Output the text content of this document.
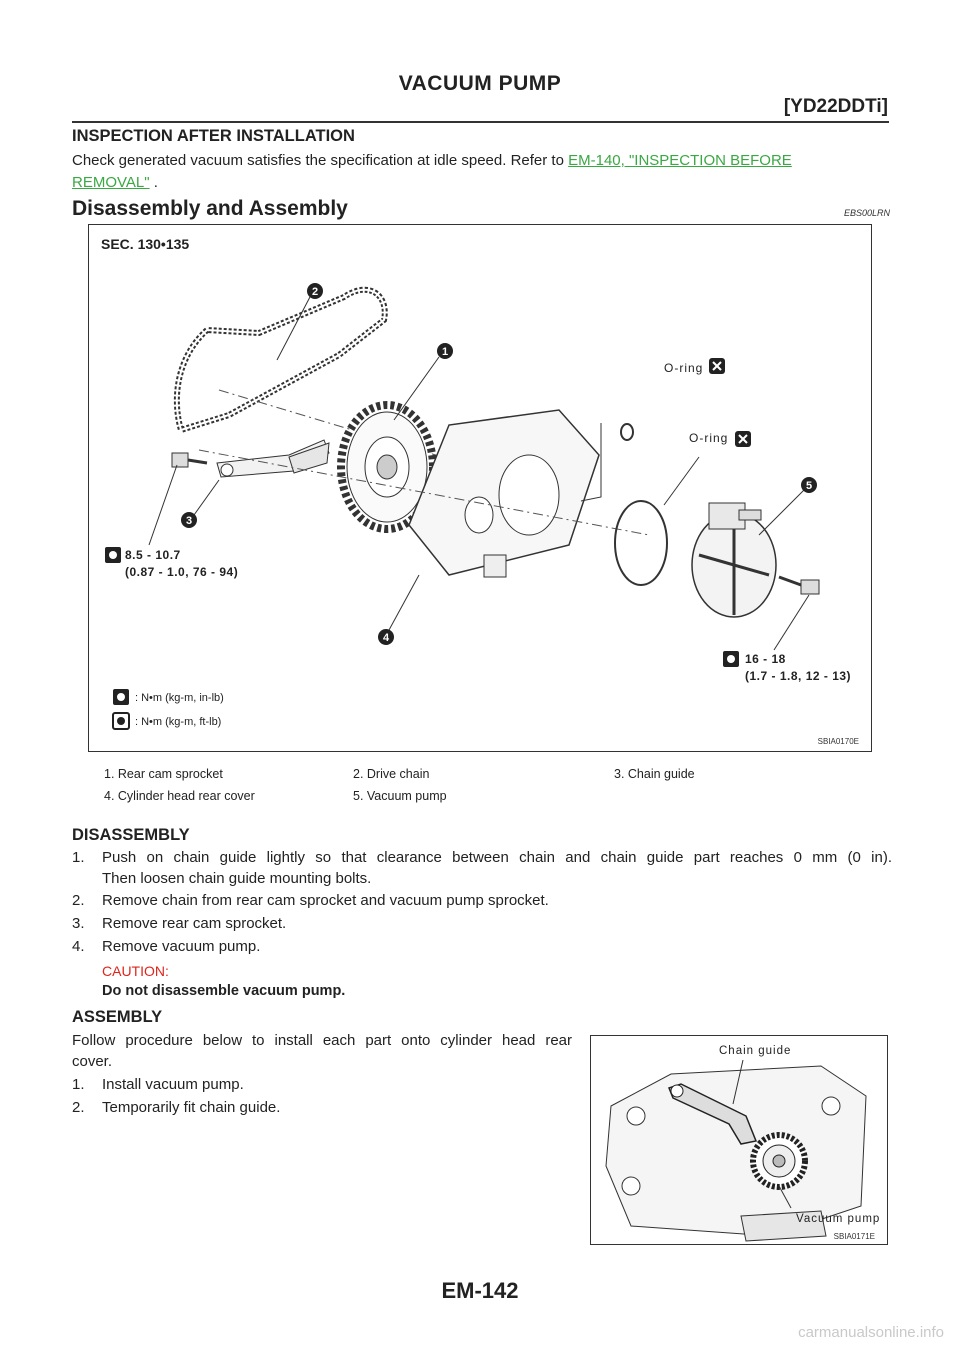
VACUUM PUMP
[YD22DDTi]
INSPECTION AFTER INSTALLATION
Check generated vacuum satisfies the specification at idle speed. Refer to EM-140, "INSPECTION BEFORE
REMOVAL" .
Disassembly and Assembly	EBS00LRN
SEC. 130•135
1
2
3
4
5
O-ring
O-ring
8.5 - 10.7
(0.87 - 1.0, 76 - 94)
16 - 18
(1.7 - 1.8, 12 - 13)
: N•m (kg-m, in-lb)
: N•m (kg-m, ft-lb)
SBIA0170E
1. Rear cam sprocket	2. Drive chain	3. Chain guide
4. Cylinder head rear cover	5. Vacuum pump
DISASSEMBLY
1. Push on chain guide lightly so that clearance between chain and chain guide part reaches 0 mm (0 in).
Then loosen chain guide mounting bolts.
2. Remove chain from rear cam sprocket and vacuum pump sprocket.
3. Remove rear cam sprocket.
4. Remove vacuum pump.
CAUTION:
Do not disassemble vacuum pump.
ASSEMBLY
Follow procedure below to install each part onto cylinder head rear
cover.
1. Install vacuum pump.
2. Temporarily fit chain guide.
Chain guide
Vacuum pump
SBIA0171E
EM-142
carmanualsonline.info
